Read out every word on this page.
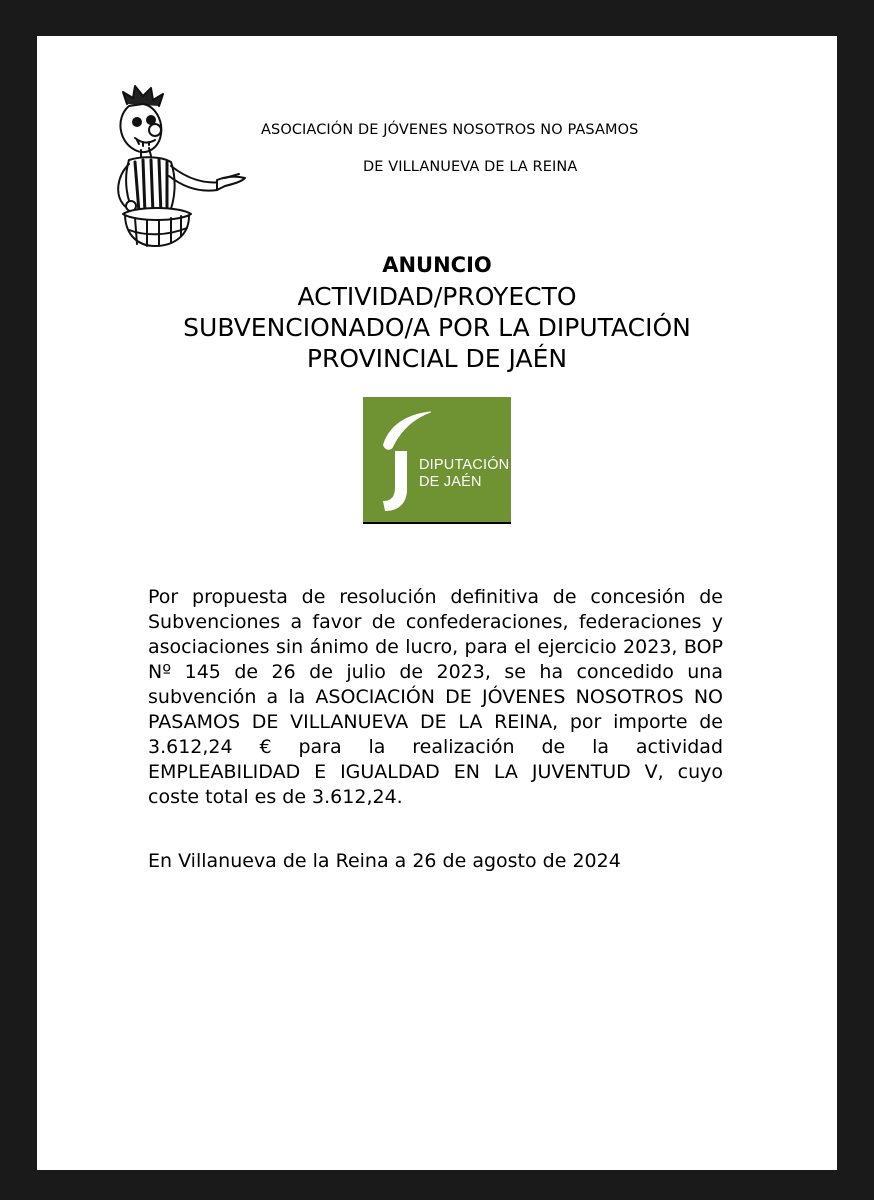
ASOCIACIÓN DE JÓVENES NOSOTROS NO PASAMOS
DE VILLANUEVA DE LA REINA
ANUNCIO
ACTIVIDAD/PROYECTO
SUBVENCIONADO/A POR LA DIPUTACIÓN
PROVINCIAL DE JAÉN
DIPUTACIÓN
DE JAÉN
Por propuesta de resolución definitiva de concesión de Subvenciones a favor de confederaciones, federaciones y asociaciones sin ánimo de lucro, para el ejercicio 2023, BOP Nº 145 de 26 de julio de 2023, se ha concedido una subvención a la ASOCIACIÓN DE JÓVENES NOSOTROS NO PASAMOS DE VILLANUEVA DE LA REINA, por importe de 3.612,24 € para la realización de la actividad EMPLEABILIDAD E IGUALDAD EN LA JUVENTUD V, cuyo coste total es de 3.612,24.
En Villanueva de la Reina a 26 de agosto de 2024
